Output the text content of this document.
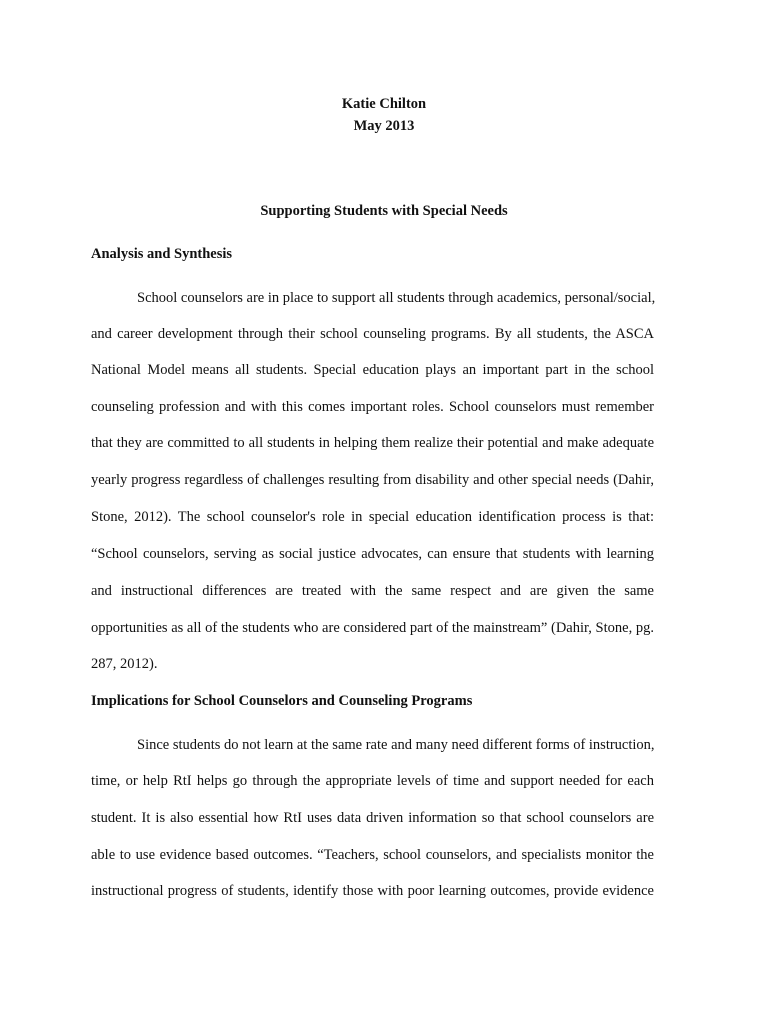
Katie Chilton
May 2013
Supporting Students with Special Needs
Analysis and Synthesis
School counselors are in place to support all students through academics, personal/social,
and career development through their school counseling programs. By all students, the ASCA
National Model means all students. Special education plays an important part in the school
counseling profession and with this comes important roles. School counselors must remember
that they are committed to all students in helping them realize their potential and make adequate
yearly progress regardless of challenges resulting from disability and other special needs (Dahir,
Stone, 2012). The school counselor's role in special education identification process is that:
“School counselors, serving as social justice advocates, can ensure that students with learning
and instructional differences are treated with the same respect and are given the same
opportunities as all of the students who are considered part of the mainstream” (Dahir, Stone, pg.
287, 2012).
Implications for School Counselors and Counseling Programs
Since students do not learn at the same rate and many need different forms of instruction,
time, or help RtI helps go through the appropriate levels of time and support needed for each
student. It is also essential how RtI uses data driven information so that school counselors are
able to use evidence based outcomes. “Teachers, school counselors, and specialists monitor the
instructional progress of students, identify those with poor learning outcomes, provide evidence
